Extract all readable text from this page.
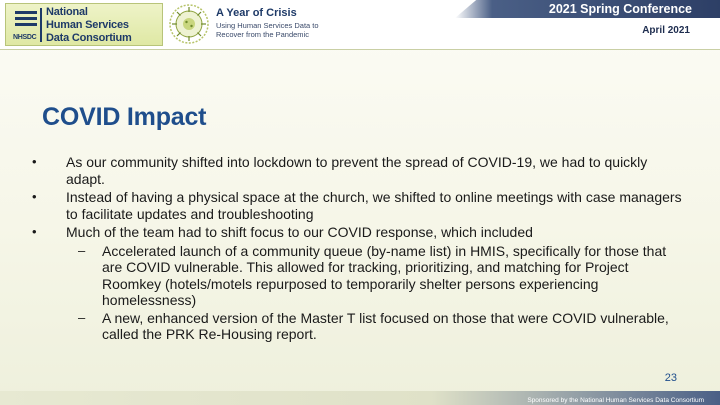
NHSDC
National
Human Services
Data Consortium
A Year of Crisis
Using Human Services Data to Recover from the Pandemic
2021 Spring Conference
April 2021
COVID Impact
• As our community shifted into lockdown to prevent the spread of COVID-19, we had to quickly adapt.
• Instead of having a physical space at the church, we shifted to online meetings with case managers to facilitate updates and troubleshooting
• Much of the team had to shift focus to our COVID response, which included
– Accelerated launch of a community queue (by-name list) in HMIS, specifically for those that are COVID vulnerable. This allowed for tracking, prioritizing, and matching for Project Roomkey (hotels/motels repurposed to temporarily shelter persons experiencing homelessness)
– A new, enhanced version of the Master T list focused on those that were COVID vulnerable, called the PRK Re-Housing report.
23
Sponsored by the National Human Services Data Consortium
